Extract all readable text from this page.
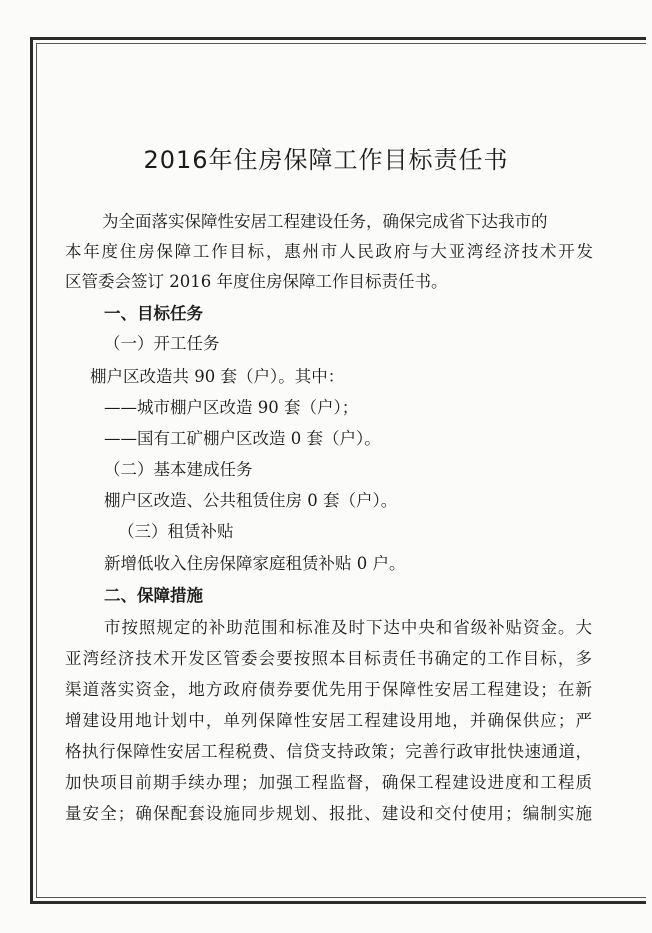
2016年住房保障工作目标责任书
为全面落实保障性安居工程建设任务，确保完成省下达我市的
本年度住房保障工作目标，惠州市人民政府与大亚湾经济技术开发
区管委会签订 2016 年度住房保障工作目标责任书。
一、目标任务
（一）开工任务
棚户区改造共 90 套（户）。其中：
——城市棚户区改造 90 套（户）；
——国有工矿棚户区改造 0 套（户）。
（二）基本建成任务
棚户区改造、公共租赁住房 0 套（户）。
（三）租赁补贴
新增低收入住房保障家庭租赁补贴 0 户。
二、保障措施
市按照规定的补助范围和标准及时下达中央和省级补贴资金。大
亚湾经济技术开发区管委会要按照本目标责任书确定的工作目标，多
渠道落实资金，地方政府债券要优先用于保障性安居工程建设；在新
增建设用地计划中，单列保障性安居工程建设用地，并确保供应；严
格执行保障性安居工程税费、信贷支持政策；完善行政审批快速通道，
加快项目前期手续办理；加强工程监督，确保工程建设进度和工程质
量安全；确保配套设施同步规划、报批、建设和交付使用；编制实施
